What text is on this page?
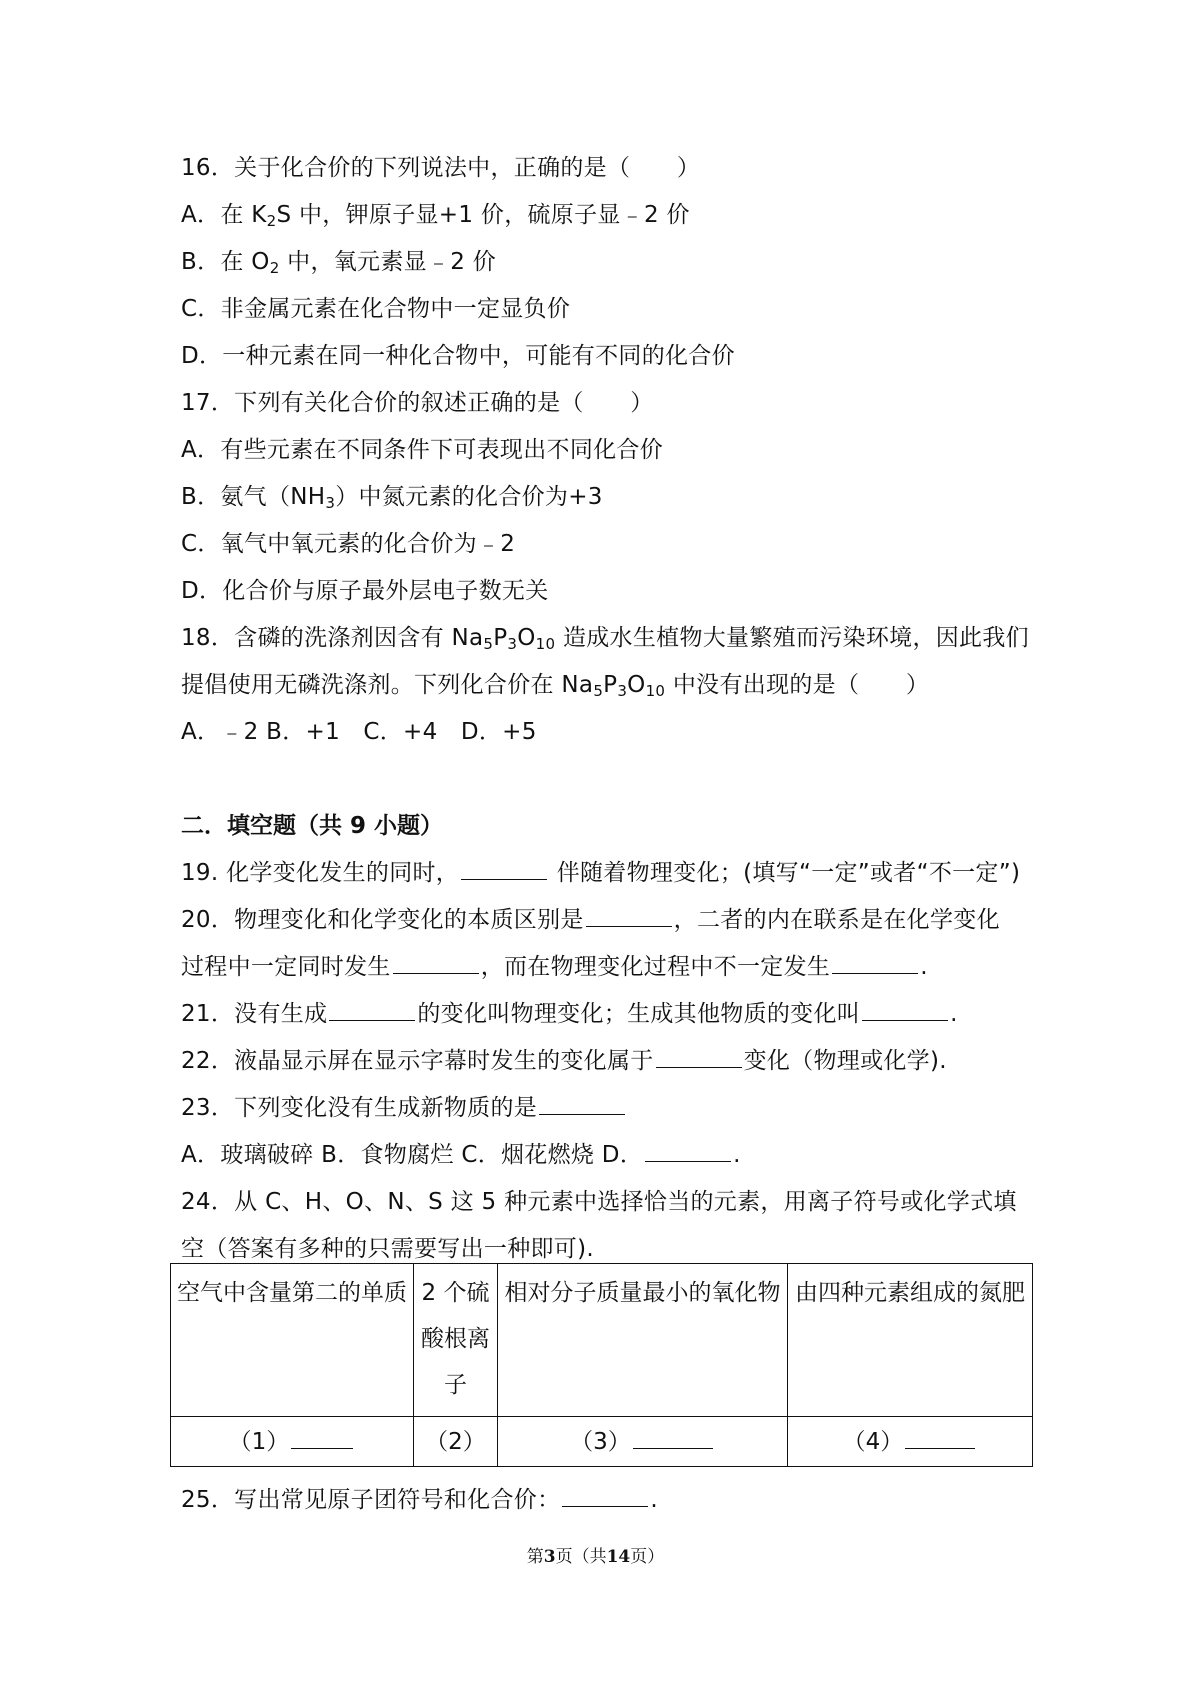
16．关于化合价的下列说法中，正确的是（　　）

A．在 $K_2S$ 中，钾原子显+1 价，硫原子显﹣2 价

B．在 $O_2$ 中，氧元素显﹣2 价

C．非金属元素在化合物中一定显负价

D．一种元素在同一种化合物中，可能有不同的化合价

17．下列有关化合价的叙述正确的是（　　）

A．有些元素在不同条件下可表现出不同化合价

B．氨气$(NH_3)$中氮元素的化合价为+3

C．氧气中氧元素的化合价为﹣2

D．化合价与原子最外层电子数无关

18．含磷的洗涤剂因含有 $Na_5P_3O_{10}$ 造成水生植物大量繁殖而污染环境，因此我们

提倡使用无磷洗涤剂。下列化合价在 $Na_5P_3O_{10}$ 中没有出现的是（　　）

A．﹣2 B．+1　C．+4　D．+5

二．填空题（共 9 小题）

19. 化学变化发生的同时，	伴随着物理变化；(填写“一定”或者“不一定”)

20．物理变化和化学变化的本质区别是	，二者的内在联系是在化学变化

过程中一定同时发生	，而在物理变化过程中不一定发生	.

21．没有生成	的变化叫物理变化；生成其他物质的变化叫	.

22．液晶显示屏在显示字幕时发生的变化属于	变化（物理或化学).

23．下列变化没有生成新物质的是

A．玻璃破碎 B．食物腐烂 C．烟花燃烧 D．	.

24．从 C、H、O、N、S 这 5 种元素中选择恰当的元素，用离子符号或化学式填

空（答案有多种的只需要写出一种即可).

空气中含量第二的单质	2 个硫酸根离子	相对分子质量最小的氧化物	由四种元素组成的氮肥
（1）	（2）	（3）	（4）

25．写出常见原子团符号和化合价：	.

第3页（共14页）
